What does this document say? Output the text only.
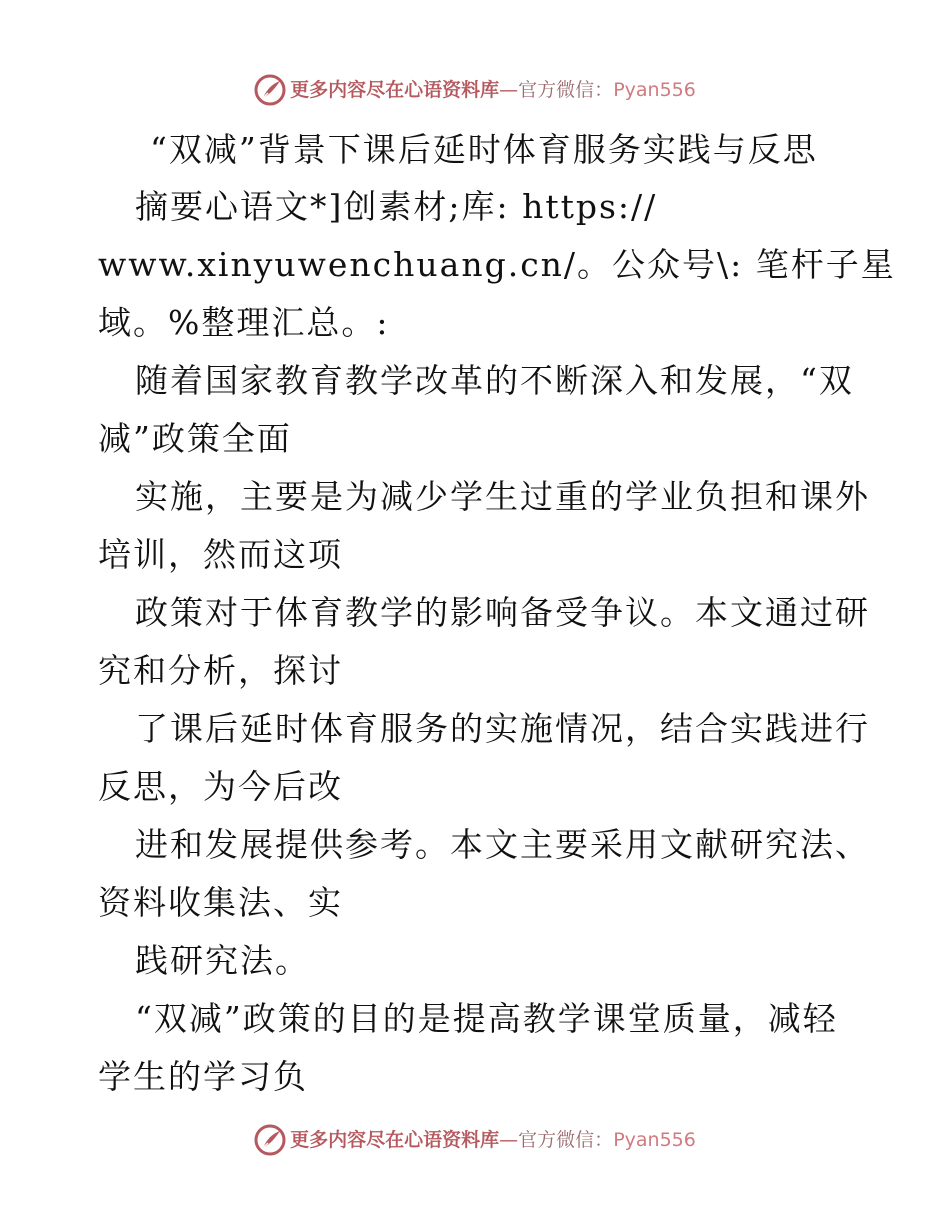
更多内容尽在心语资料库—官方微信：Pyan556
“双减”背景下课后延时体育服务实践与反思
摘要心语文*]创素材;库: https://
www.xinyuwenchuang.cn/。公众号\: 笔杆子星
域。%整理汇总。:
随着国家教育教学改革的不断深入和发展，“双
减”政策全面
实施，主要是为减少学生过重的学业负担和课外
培训，然而这项
政策对于体育教学的影响备受争议。本文通过研
究和分析，探讨
了课后延时体育服务的实施情况，结合实践进行
反思，为今后改
进和发展提供参考。本文主要采用文献研究法、
资料收集法、实
践研究法。
“双减”政策的目的是提高教学课堂质量，减轻
学生的学习负
更多内容尽在心语资料库—官方微信：Pyan556
